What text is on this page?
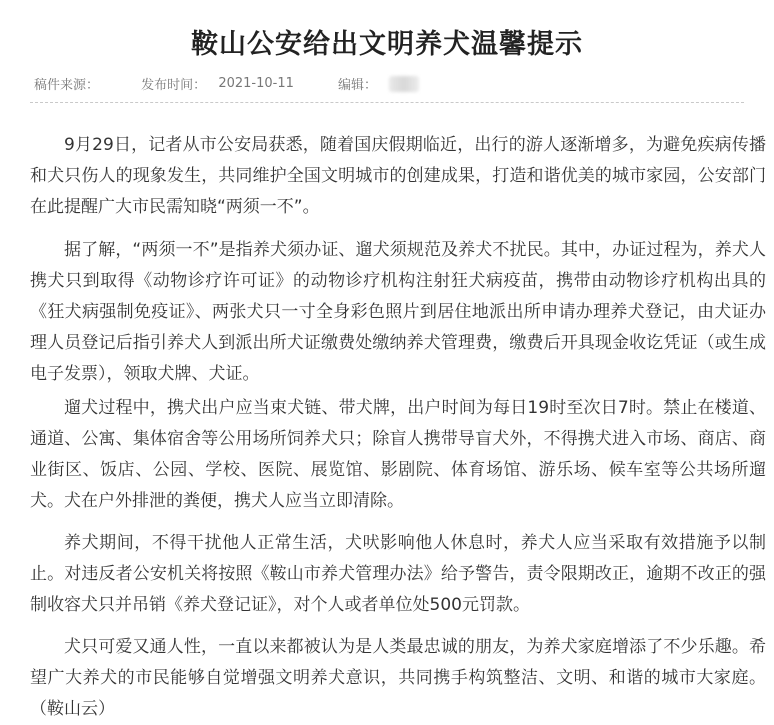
鞍山公安给出文明养犬温馨提示
稿件来源：	发布时间： 2021-10-11	编辑：

9月29日，记者从市公安局获悉，随着国庆假期临近，出行的游人逐渐增多，为避免疾病传播和犬只伤人的现象发生，共同维护全国文明城市的创建成果，打造和谐优美的城市家园，公安部门在此提醒广大市民需知晓“两须一不”。

据了解，“两须一不”是指养犬须办证、遛犬须规范及养犬不扰民。其中，办证过程为，养犬人携犬只到取得《动物诊疗许可证》的动物诊疗机构注射狂犬病疫苗，携带由动物诊疗机构出具的《狂犬病强制免疫证》、两张犬只一寸全身彩色照片到居住地派出所申请办理养犬登记，由犬证办理人员登记后指引养犬人到派出所犬证缴费处缴纳养犬管理费，缴费后开具现金收讫凭证（或生成电子发票），领取犬牌、犬证。

遛犬过程中，携犬出户应当束犬链、带犬牌，出户时间为每日19时至次日7时。禁止在楼道、通道、公寓、集体宿舍等公用场所饲养犬只；除盲人携带导盲犬外，不得携犬进入市场、商店、商业街区、饭店、公园、学校、医院、展览馆、影剧院、体育场馆、游乐场、候车室等公共场所遛犬。犬在户外排泄的粪便，携犬人应当立即清除。

养犬期间，不得干扰他人正常生活，犬吠影响他人休息时，养犬人应当采取有效措施予以制止。对违反者公安机关将按照《鞍山市养犬管理办法》给予警告，责令限期改正，逾期不改正的强制收容犬只并吊销《养犬登记证》，对个人或者单位处500元罚款。

犬只可爱又通人性，一直以来都被认为是人类最忠诚的朋友，为养犬家庭增添了不少乐趣。希望广大养犬的市民能够自觉增强文明养犬意识，共同携手构筑整洁、文明、和谐的城市大家庭。（鞍山云）
